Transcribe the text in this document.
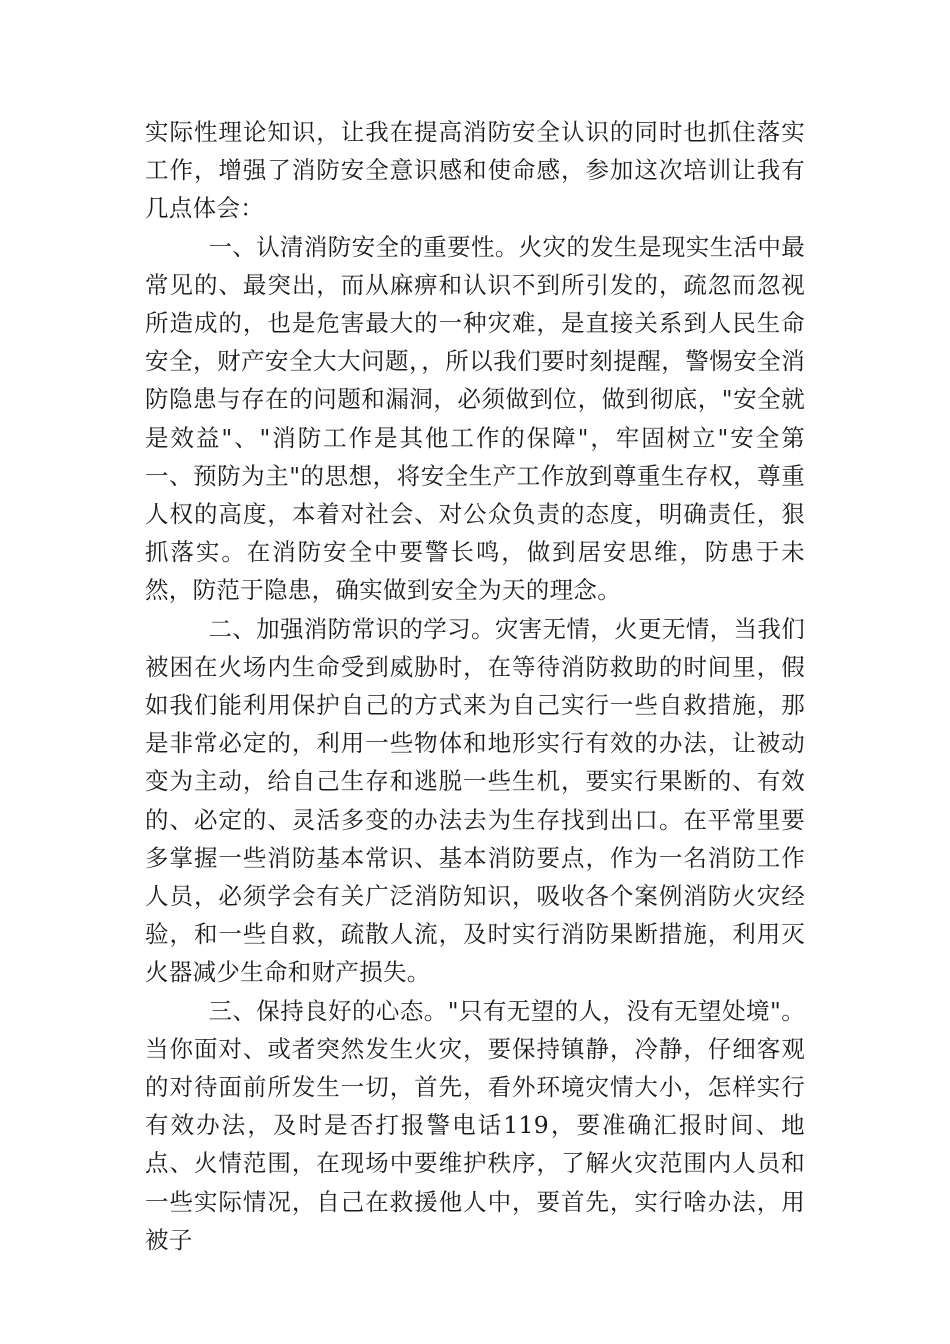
实际性理论知识，让我在提高消防安全认识的同时也抓住落实工作，增强了消防安全意识感和使命感，参加这次培训让我有几点体会：

一、认清消防安全的重要性。火灾的发生是现实生活中最常见的、最突出，而从麻痹和认识不到所引发的，疏忽而忽视所造成的，也是危害最大的一种灾难，是直接关系到人民生命安全，财产安全大大问题，，所以我们要时刻提醒，警惕安全消防隐患与存在的问题和漏洞，必须做到位，做到彻底，"安全就是效益"、"消防工作是其他工作的保障"，牢固树立"安全第一、预防为主"的思想，将安全生产工作放到尊重生存权，尊重人权的高度，本着对社会、对公众负责的态度，明确责任，狠抓落实。在消防安全中要警长鸣，做到居安思维，防患于未然，防范于隐患，确实做到安全为天的理念。

二、加强消防常识的学习。灾害无情，火更无情，当我们被困在火场内生命受到威胁时，在等待消防救助的时间里，假如我们能利用保护自己的方式来为自己实行一些自救措施，那是非常必定的，利用一些物体和地形实行有效的办法，让被动变为主动，给自己生存和逃脱一些生机，要实行果断的、有效的、必定的、灵活多变的办法去为生存找到出口。在平常里要多掌握一些消防基本常识、基本消防要点，作为一名消防工作人员，必须学会有关广泛消防知识，吸收各个案例消防火灾经验，和一些自救，疏散人流，及时实行消防果断措施，利用灭火器减少生命和财产损失。

三、保持良好的心态。"只有无望的人，没有无望处境"。当你面对、或者突然发生火灾，要保持镇静，冷静，仔细客观的对待面前所发生一切，首先，看外环境灾情大小，怎样实行有效办法，及时是否打报警电话119，要准确汇报时间、地点、火情范围，在现场中要维护秩序，了解火灾范围内人员和一些实际情况，自己在救援他人中，要首先，实行啥办法，用被子
